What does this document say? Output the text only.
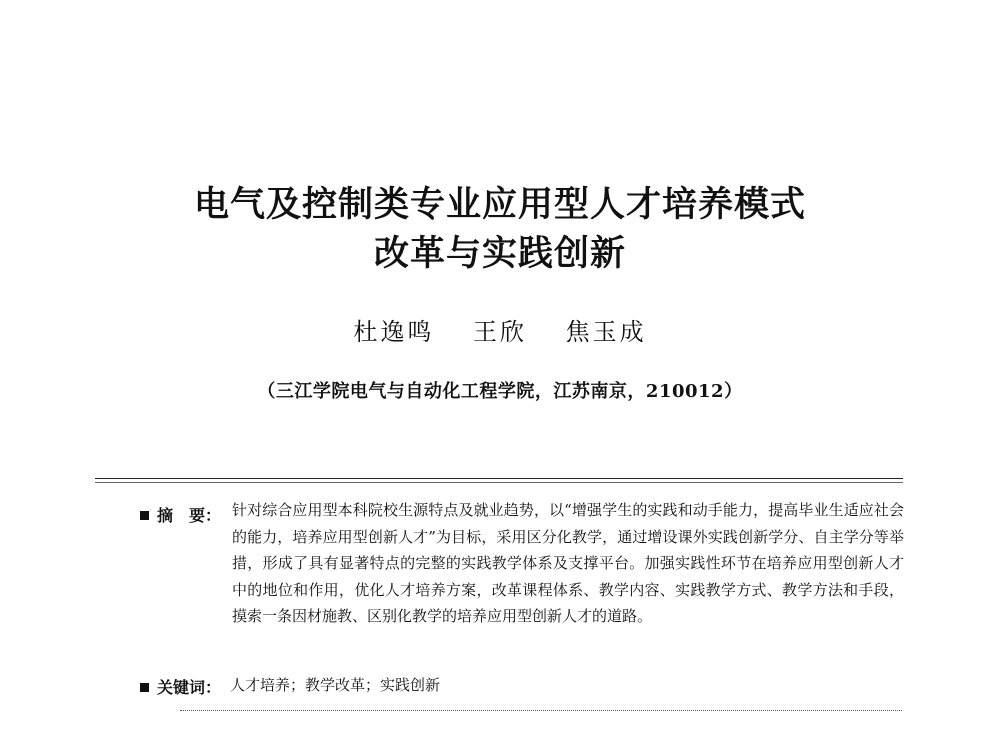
电气及控制类专业应用型人才培养模式
改革与实践创新
杜逸鸣 王欣 焦玉成
（三江学院电气与自动化工程学院，江苏南京，210012）
摘　要： 针对综合应用型本科院校生源特点及就业趋势，以“增强学生的实践和动手能力，提高毕业生适应社会的能力，培养应用型创新人才”为目标，采用区分化教学，通过增设课外实践创新学分、自主学分等举措，形成了具有显著特点的完整的实践教学体系及支撑平台。加强实践性环节在培养应用型创新人才中的地位和作用，优化人才培养方案，改革课程体系、教学内容、实践教学方式、教学方法和手段，摸索一条因材施教、区别化教学的培养应用型创新人才的道路。
关键词： 人才培养；教学改革；实践创新
